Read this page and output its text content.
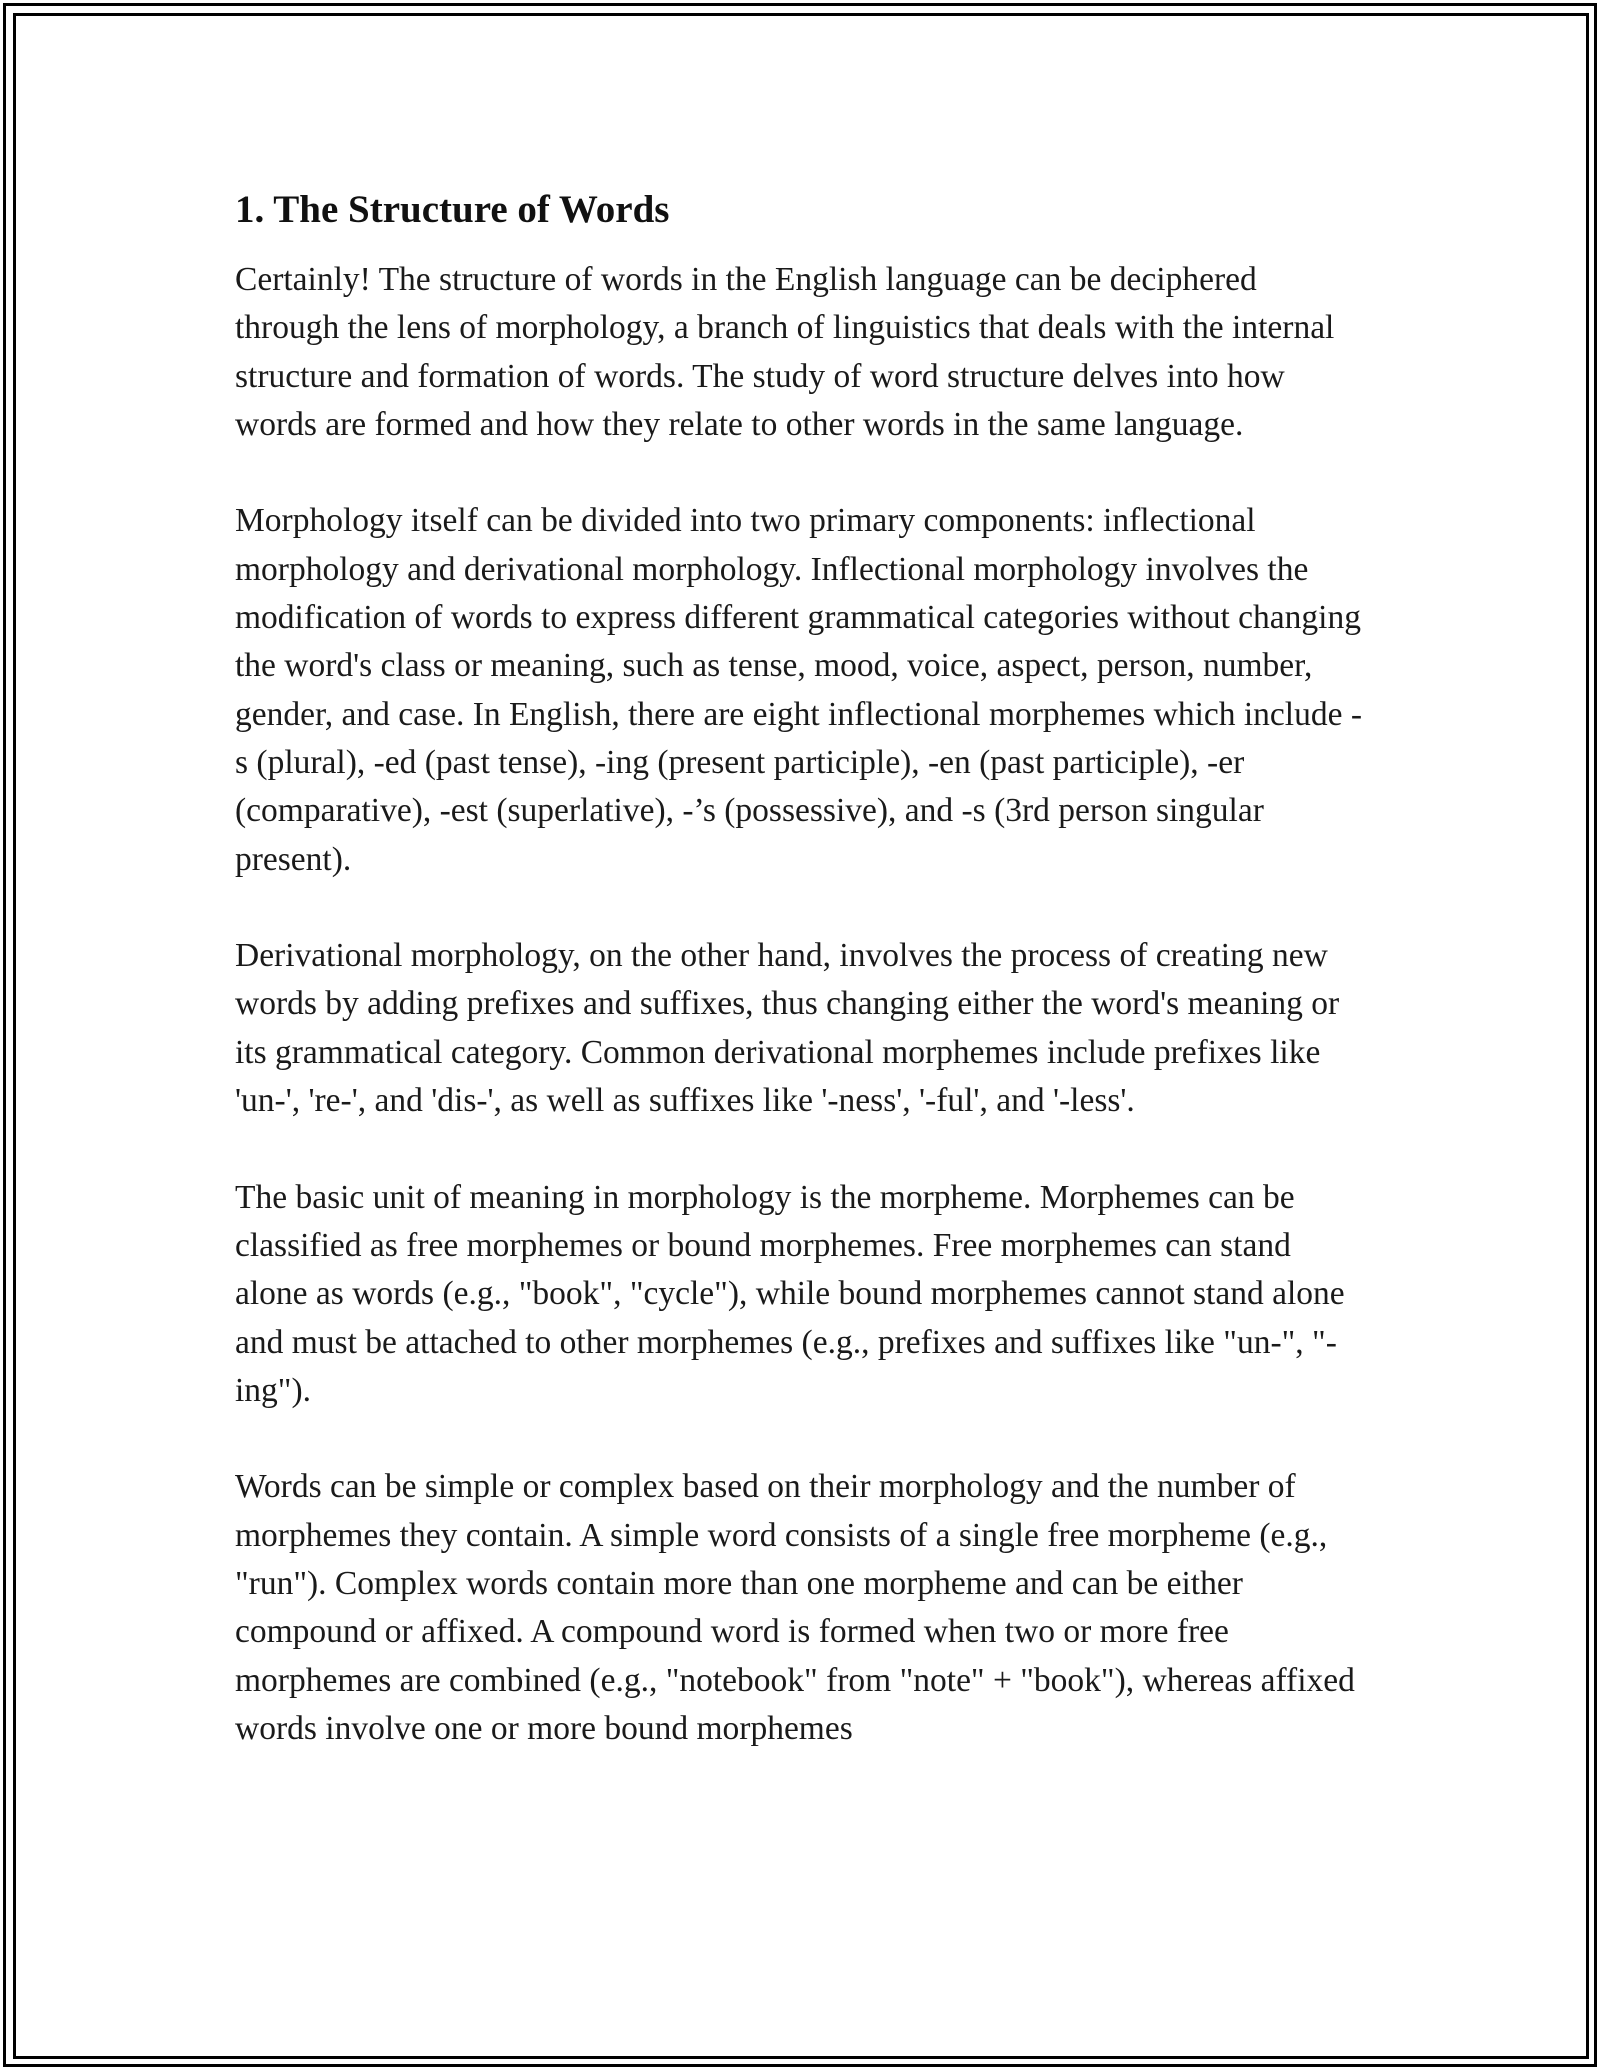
1. The Structure of Words

Certainly! The structure of words in the English language can be deciphered through the lens of morphology, a branch of linguistics that deals with the internal structure and formation of words. The study of word structure delves into how words are formed and how they relate to other words in the same language.

Morphology itself can be divided into two primary components: inflectional morphology and derivational morphology. Inflectional morphology involves the modification of words to express different grammatical categories without changing the word's class or meaning, such as tense, mood, voice, aspect, person, number, gender, and case. In English, there are eight inflectional morphemes which include -s (plural), -ed (past tense), -ing (present participle), -en (past participle), -er (comparative), -est (superlative), -’s (possessive), and -s (3rd person singular present).

Derivational morphology, on the other hand, involves the process of creating new words by adding prefixes and suffixes, thus changing either the word's meaning or its grammatical category. Common derivational morphemes include prefixes like 'un-', 're-', and 'dis-', as well as suffixes like '-ness', '-ful', and '-less'.

The basic unit of meaning in morphology is the morpheme. Morphemes can be classified as free morphemes or bound morphemes. Free morphemes can stand alone as words (e.g., "book", "cycle"), while bound morphemes cannot stand alone and must be attached to other morphemes (e.g., prefixes and suffixes like "un-", "-ing").

Words can be simple or complex based on their morphology and the number of morphemes they contain. A simple word consists of a single free morpheme (e.g., "run"). Complex words contain more than one morpheme and can be either compound or affixed. A compound word is formed when two or more free morphemes are combined (e.g., "notebook" from "note" + "book"), whereas affixed words involve one or more bound morphemes
